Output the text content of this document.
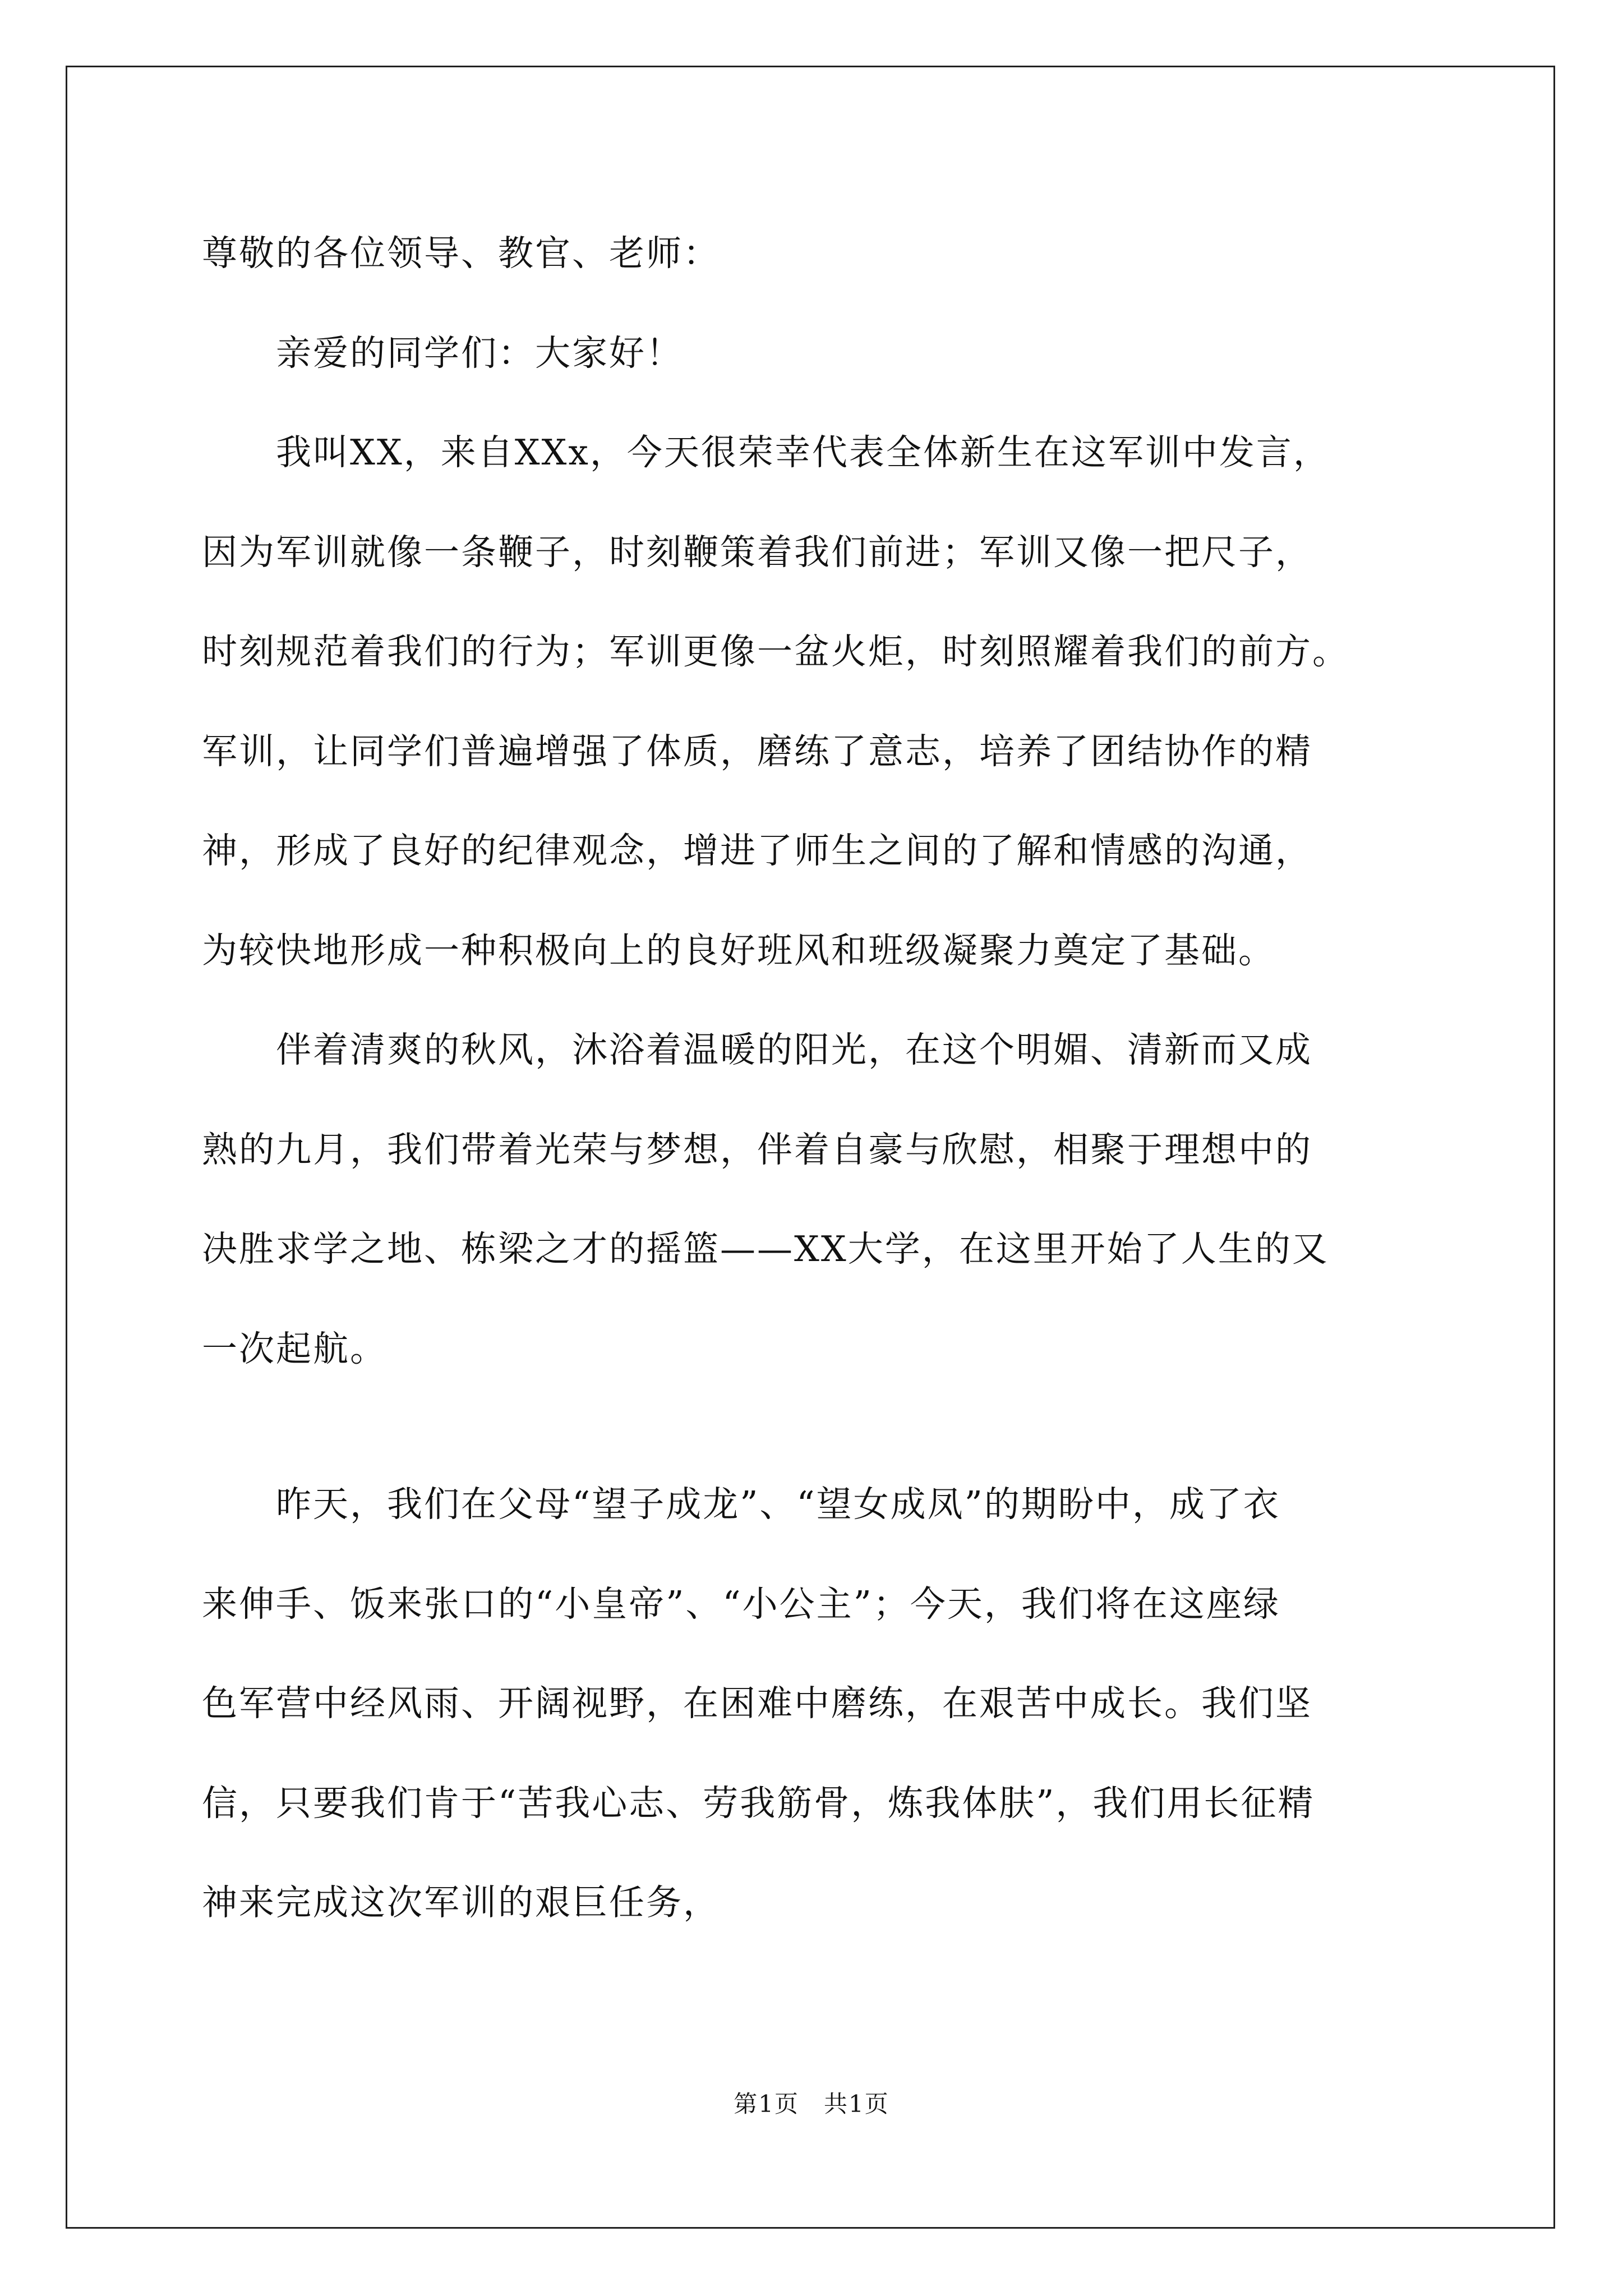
尊敬的各位领导、教官、老师：
　　亲爱的同学们：大家好！
　　我叫XX，来自XXx，今天很荣幸代表全体新生在这军训中发言，
因为军训就像一条鞭子，时刻鞭策着我们前进；军训又像一把尺子，
时刻规范着我们的行为；军训更像一盆火炬，时刻照耀着我们的前方。
军训，让同学们普遍增强了体质，磨练了意志，培养了团结协作的精
神，形成了良好的纪律观念，增进了师生之间的了解和情感的沟通，
为较快地形成一种积极向上的良好班风和班级凝聚力奠定了基础。
　　伴着清爽的秋风，沐浴着温暖的阳光，在这个明媚、清新而又成
熟的九月，我们带着光荣与梦想，伴着自豪与欣慰，相聚于理想中的
决胜求学之地、栋梁之才的摇篮——XX大学，在这里开始了人生的又
一次起航。
　　昨天，我们在父母“望子成龙”、“望女成凤”的期盼中，成了衣
来伸手、饭来张口的“小皇帝”、“小公主”；今天，我们将在这座绿
色军营中经风雨、开阔视野，在困难中磨练，在艰苦中成长。我们坚
信，只要我们肯于“苦我心志、劳我筋骨，炼我体肤”，我们用长征精
神来完成这次军训的艰巨任务，
第1页　共1页
